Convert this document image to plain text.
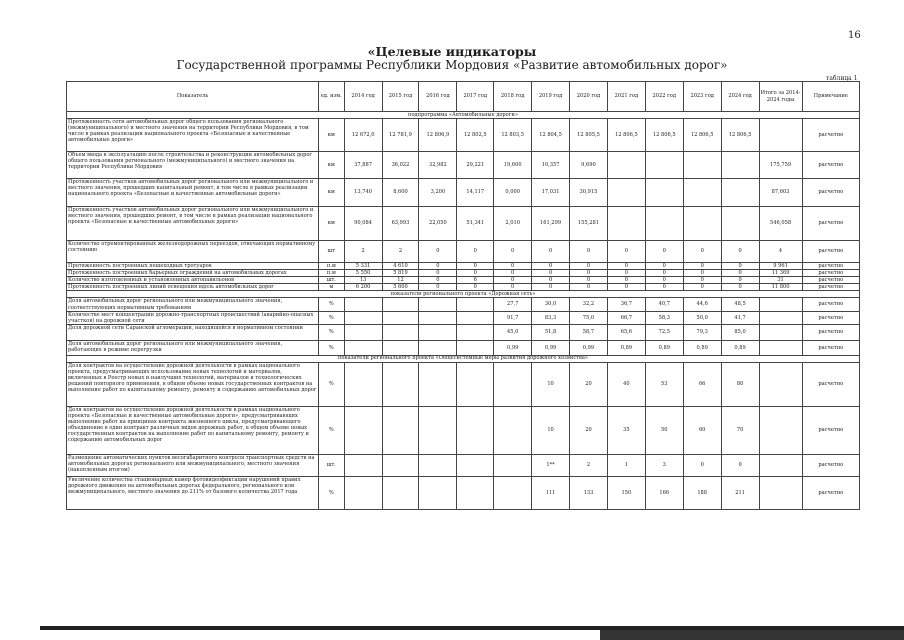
16
«Целевые индикаторы
Государственной программы Республики Мордовия «Развитие автомобильных дорог»
таблица 1
Показатель	ед. изм.	2014 год	2015 год	2016 год	2017 год	2018 год	2019 год	2020 год	2021 год	2022 год	2023 год	2024 год	Итого за 2014-2024 годы	Примечание
подпрограмма «Автомобильные дороги»														
Протяженность сети автомобильных дорог общего пользования регионального (межмуниципального) и местного значения на территории Республики Мордовия, в том числе в рамках реализации национального проекта «Безопасные и качественные автомобильные дороги»	км	12 672,0	12 781,9	12 806,9	12 802,5	12 803,5	12 804,5	12 805,5	12 806,5	12 806,5	12 806,5	12 806,5		расчетно
Объем ввода в эксплуатацию после строительства и реконструкции автомобильных дорог общего пользования регионального (межмуниципального) и местного значения на территории Республики Мордовия	км	37,887	36,022	32,982	29,221	19,600	10,357	9,690					175,759	расчетно
Протяженность участков автомобильных дорог регионального или межмуниципального и местного значения, прошедших капитальный ремонт, в том числе в рамках реализации национального проекта «Безопасные и качественные автомобильные дороги»	км	13,740	8,600	3,200	14,117	0,000	17,031	30,915					87,603	расчетно
Протяженность участков автомобильных дорог регионального или межмуниципального и местного значения, прошедших ремонт, в том числе в рамках реализации национального проекта «Безопасные и качественные автомобильные дороги»	км	90,084	63,993	22,050	51,341	2,010	161,299	155,281					546,058	расчетно
Количество отремонтированных железнодорожных переездов, отвечающих нормативному состоянию	шт	2	2	0	0	0	0	0	0	0	0	0	4	расчетно
Протяженность построенных пешеходных тротуаров	п.м	5 331	4 610	0	0	0	0	0	0	0	0	0	9 961	расчетно
Протяженность построенных барьерных ограждений на автомобильных дорогах	п.м	5 550	5 819	0	0	0	0	0	0	0	0	0	11 369	расчетно
Количество изготовленных и установленных автопавильонов	шт.	13	12	0	6	0	0	0	0	0	0	0	31	расчетно
Протяженность построенных линий освещения вдоль автомобильных дорог	м	6 200	5 600	0	0	0	0	0	0	0	0	0	11 800	расчетно
показатели регионального проекта «Дорожная сеть»														
Доля автомобильных дорог регионального или межмуниципального значения, соответствующих нормативным требованиям	%					27,7	30,0	32,2	36,7	40,7	44,6	48,5		расчетно
Количество мест концентрации дорожно-транспортных происшествий (аварийно-опасных участков) на дорожной сети	%					91,7	83,3	75,0	66,7	58,3	50,0	41,7		расчетно
Доля дорожной сети Саранской агломерации, находящейся в нормативном состоянии	%					45,0	51,8	58,7	65,6	72,5	79,3	85,0		расчетно
Доля автомобильных дорог регионального или межмуниципального значения, работающих в режиме перегрузки	%					0,99	0,99	0,99	0,89	0,89	0,89	0,89		расчетно
показатели регионального проекта «Общесистемные меры развития дорожного хозяйства»														
Доля контрактов на осуществление дорожной деятельности в рамках национального проекта, предусматривающих использование новых технологий и материалов, включенных в Реестр новых и наилучших технологий, материалов и технологических решений повторного применения, в общем объеме новых государственных контрактов на выполнение работ по капитальному ремонту, ремонту и содержанию автомобильных дорог	%						10	20	40	53	66	80		расчетно
Доля контрактов на осуществление дорожной деятельности в рамках национального проекта «Безопасные и качественные автомобильные дороги», предусматривающих выполнение работ на принципах контракта жизненного цикла, предусматривающего объединение в один контракт различных видов дорожных работ, в общем объеме новых государственных контрактов на выполнение работ по капитальному ремонту, ремонту и содержанию автомобильных дорог	%						10	20	35	50	60	70		расчетно
Размещение автоматических пунктов весогабаритного контроля транспортных средств на автомобильных дорогах регионального или межмуниципального, местного значения (накопленным итогом)	шт.						1**	2	1	3	0	0		расчетно
Увеличение количества стационарных камер фотовидеофиксации нарушений правил дорожного движения на автомобильных дорогах федерального, регионального или межмуниципального, местного значения до 211% от базового количества 2017 года	%						111	133	150	166	188	211		расчетно
